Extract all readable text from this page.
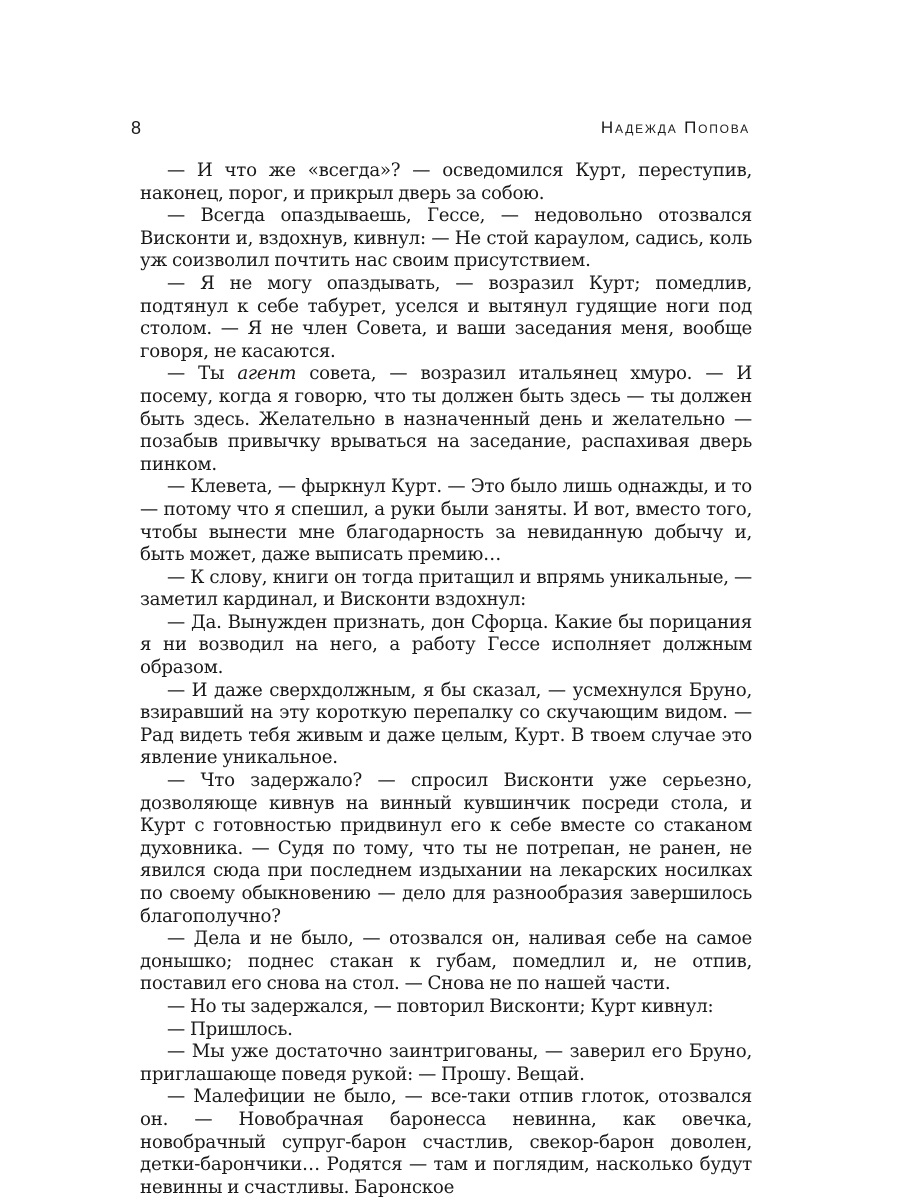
8	Надежда Попова

— И что же «всегда»? — осведомился Курт, переступив, наконец, порог, и прикрыл дверь за собою.

— Всегда опаздываешь, Гессе, — недовольно отозвался Висконти и, вздохнув, кивнул: — Не стой караулом, садись, коль уж соизволил почтить нас своим присутствием.

— Я не могу опаздывать, — возразил Курт; помедлив, подтянул к себе табурет, уселся и вытянул гудящие ноги под столом. — Я не член Совета, и ваши заседания меня, вообще говоря, не касаются.

— Ты агент совета, — возразил итальянец хмуро. — И посему, когда я говорю, что ты должен быть здесь — ты должен быть здесь. Желательно в назначенный день и желательно — позабыв привычку врываться на заседание, распахивая дверь пинком.

— Клевета, — фыркнул Курт. — Это было лишь однажды, и то — потому что я спешил, а руки были заняты. И вот, вместо того, чтобы вынести мне благодарность за невиданную добычу и, быть может, даже выписать премию…

— К слову, книги он тогда притащил и впрямь уникальные, — заметил кардинал, и Висконти вздохнул:

— Да. Вынужден признать, дон Сфорца. Какие бы порицания я ни возводил на него, а работу Гессе исполняет должным образом.

— И даже сверхдолжным, я бы сказал, — усмехнулся Бруно, взиравший на эту короткую перепалку со скучающим видом. — Рад видеть тебя живым и даже целым, Курт. В твоем случае это явление уникальное.

— Что задержало? — спросил Висконти уже серьезно, дозволяюще кивнув на винный кувшинчик посреди стола, и Курт с готовностью придвинул его к себе вместе со стаканом духовника. — Судя по тому, что ты не потрепан, не ранен, не явился сюда при последнем издыхании на лекарских носилках по своему обыкновению — дело для разнообразия завершилось благополучно?

— Дела и не было, — отозвался он, наливая себе на самое донышко; поднес стакан к губам, помедлил и, не отпив, поставил его снова на стол. — Снова не по нашей части.

— Но ты задержался, — повторил Висконти; Курт кивнул:

— Пришлось.

— Мы уже достаточно заинтригованы, — заверил его Бруно, приглашающе поведя рукой: — Прошу. Вещай.

— Малефиции не было, — все-таки отпив глоток, отозвался он. — Новобрачная баронесса невинна, как овечка, новобрачный супруг-барон счастлив, свекор-барон доволен, детки-барончики… Родятся — там и поглядим, насколько будут невинны и счастливы. Баронское
